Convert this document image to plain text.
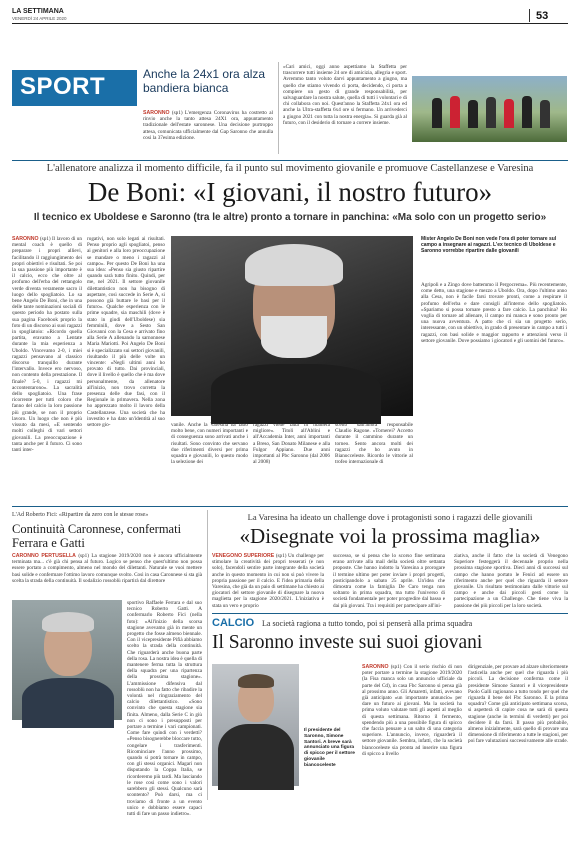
LA SETTIMANA
VENERDÌ 24 APRILE 2020	53
SPORT	Anche la 24x1 ora alza bandiera bianca
SARONNO (sp1) L'emergenza Coronavirus ha costretto al rinvio anche la tanto attesa 24X1 ora, appuntamento tradizionale dell'estate saronnese. Una decisione purtroppo attesa, comunicata ufficialmente dal Gap Saronno che annulla così la 37esima edizione.
«Cari amici, oggi anno aspettiamo la Staffetta per trascorrere tutti insieme 24 ore di amicizia, allegria e sport. Avremmo tanto voluto darvi appuntamento a giugno, ma quello che stiamo vivendo ci porta, decidendo, ci porta a compiere un gesto di grande responsabilità, per salvaguardare la nostra salute, quella di tutti i volontari e di chi collabora con noi. Quest'anno la Staffetta 24x1 ora ed anche la Ultra-staffetta 6x4 ore si fermano. Un arrivederci a giugno 2021 con tutta la nostra energia». Si guarda già al futuro, con il desiderio di tornare a correre insieme.
L'allenatore analizza il momento difficile, fa il punto sul movimento giovanile e promuove Castellanzese e Varesina
De Boni: «I giovani, il nostro futuro»
Il tecnico ex Uboldese e Saronno (tra le altre) pronto a tornare in panchina: «Ma solo con un progetto serio»
SARONNO (sp1) Il lavoro di un mental coach è quello di preparare i propri allievi, facilitando il raggiungimento dei propri obiettivi e risultati. Se poi la sua passione più importante è il calcio, ecco che oltre al profumo dell'erba del rettangolo verde diventa veramente sacro il luogo dello spogliatoio. Lo sa bene Angelo De Boni, che in una delle tante nominazioni sociali di questo periodo ha postato sulla sua pagina Facebook proprio la foto di un discorso ai suoi ragazzi in spogliatoio: «Ricordo quella partita, eravamo a Lentate durante la mia esperienza a Uboldo. Vincevamo 2-0, i miei ragazzi pensavano al classico discorso tranquillo durante l'intervallo. Invece ero nervoso, non contento della prestazione. Il finale? 5-0, i ragazzi mi accontentarono». La sacralità dello spogliatoio. Una frase ricorrente per tutti coloro che fanno del calcio la loro passione più grande, se non il proprio lavoro. Un luogo che non è più vissuto da mesi, «E sentendo molti colleghi di vari settori giovanili. La preoccupazione è tanta anche per il futuro. Ci sono tanti inter-
rogativi, non solo legati ai risultati. Penso proprio agli spogliatoi, penso ai genitori e alla loro preoccupazione se mandare o meno i ragazzi al campo». Per questo De Boni ha una sua idea: «Penso sia giusto ripartire quando sarà tutto finito. Quindi, per me, nel 2021. Il settore giovanile dilettantistico non ha bisogno di aspettare, così succede in Serie A, si possono già buttare le basi per il futuro». Qualche esperienza con le prime squadre, sia maschili (dove è stato in giudi dell'Uboldese) sia femminili, dove a Sesto San Giovanni con la Cesa e arrivato fino alla Serie A allenando la sarnonnese Maria Mariotti. Poi Angelo De Boni si è specializzato sui settori giovanili, risultando il più delle volte un vincente: «Negli ultimi anni ho provato di tutto. Dai provinciali, dove il livello è quello che è ma dove personalmente, da allenatore all'inizio, non trovo corretta la presenza delle due fasi, con il Regionale in primavera. Nella zona ho apprezzato molto il lavoro della Castellanzese. Una società che ha investito e ha dato un'identità al suo settore gio-
Mister Angelo De Boni non vede l'ora di poter tornare sul campo a insegnare ai ragazzi. L'ex tecnico di Uboldese e Saronno vorrebbe ripartire dalle giovanili
vanile. Anche la Varesina ha fatto molto bene, con numeri importanti e di conseguenza sono arrivati anche i risultati. Sono convinto che servano due riferimenti diversi per prima squadra e giovanili, lo questo modo la selezione dei
ragazzi viene fatta in maniera migliore». Titoli all'Ablini e all'Accademia Inter, anni importanti a Breso, San Donato Milanese e alla Fulgor Appiano. Due anni importanti al Pbc Saronno (dal 2006 al 2008)
scelto dall'allora responsabile Claudio Ragone. «Tornerei? Accetto durante il cammino durante un torneo. Sento ancora molti dei ragazzi che ho avuto in Bianocceleste. Ricordo le vittorie al trofeo internazionale di
Agripoli e a Zingo dove battemmo il Pergocrema». Più recentemente, come detto, una stagione e mezzo a Uboldo. Ora, dopo l'ultimo anno alla Cesa, non è facile farsi trovare pronti, come a respirare il profumo dell'erba e dare consigli all'interno dello spogliatoio. «Spariamo si possa tornare presto a fare calcio. La panchina? Ho voglia di tornare ad allenare, il campo mi manca e sono pronto per una nuova avventura. A patto che ci sia un progetto serio, interessante, con un obiettivo, in grado di presentare in campo a tutti i ragazzi, con basi solide e maggior rapporto e attenzioni verso il settore giovanile. Dove possiamo i giocatori e gli uomini del futuro».
L'Ad Roberto Fici: «Ripartire da zero con le stesse rose»
Continuità Caronnese, confermati Ferrara e Gatti
CARONNO PERTUSELLA (sp1) La stagione 2019/2020 non è ancora ufficialmente terminata ma... c'è già chi pensa al futuro. Logico se penso che quest'ultimo non possa essere portato a compimento, almeno nel mondo del dilettanti. Naturale se vuoi mettere basi solide e confermare l'ottimo lavoro comunque svolto. Così in casa Caronnese si sta già scelta la strada della continuità. Il sodalizio rossoblù ripartirà dal direttore
sportivo Raffaele Ferrara e dal suo tecnico Roberto Gatti. A confermarlo Roberto Fici (nella foto): «All'inizio della scorsa stagione avevamo già in mente un progetto che fosse almeno biennale. Con il vicepresidente Pifià abbiamo scelto la strada della continuità. Che riguarderà anche buona parte della rosa. La nostra idea è quella di mantenere ferma tutta la struttura della squadra per una ripartenza della prossima stagione». L'ammissione difensiva dal rossoblù non ha fatto che ribadire la volontà nel ringraziamento del calcio dilettantistico. «Sono convinto che questa stagione sia finita. Almeno, dalla Serie C in giù non ci sono i presupposti per portare a termine i vari campionati. Come fare quindi con i verdetti? «Penso bisognerebbe bloccare tutto, congelare i trasferimenti. Ricominciare l'anno prossimo, quando si potrà tornare in campo, con gli stessi organici. Magari non disputando la Coppa Italia, se ricorderemo più tardi. Ma lasciando le rose così come sono i valori sarebbero gli stessi. Qualcuno sarà scontento? Può darsi, ma ci troviamo di fronte a un evento unico e dobbiamo essere capaci tutti di fare un passo indietro».
La Varesina ha ideato un challenge dove i protagonisti sono i ragazzi delle giovanili
«Disegnate voi la prossima maglia»
VENEGONO SUPERIORE (sp1) Un challenge per stimolare la creatività dei propri tesserati (e non solo), facendoli sentire parte integrante della società anche in questo momento in cui non si può vivere la propria passione per il calcio. E l'idea primaria della Varesina, che già da un paio di settimane ha chiesto ai giocatori del settore giovanile di disegnare la nuova maglietta per la stagione 2020/2021. L'iniziativa è stata un vero e proprio
successo, se si pensa che lo scorso fine settimana erano arrivate alla mail della società oltre settanta proposte. Che hanno indotto la Varesina a prorogare il termine ultimo per poter inviare i propri progetti, posticipandolo a sabato 25 aprile. Un'idea che dimostra come la famiglia De Caro tenga non soltanto in prima squadra, ma tutto l'universo di società fondamentale per poter progredire dal basso e dai più giovani. Tra i requisiti per partecipare all'ini-
ziativa, anche il fatto che la società di Venegono Superiore festeggerà il decennale proprio nella prossima stagione sportiva. Dieci anni di successi sul campo che hanno portato le Fenici ad essere un riferimento anche per quel che riguarda il settore giovanile. Un risultato testimoniato dalle vittorie sul campo e anche dai piccoli gesti come la partecipazione a un Challenge. Che tiene viva la passione dei più piccoli per la loro società.
CALCIO La società ragiona a tutto tondo, poi si penserà alla prima squadra
Il Saronno investe sui suoi giovani
Il presidente del Saronno, Simone Santori. A breve sarà annunciato una figura di spicco per il settore giovanile biancoceleste
SARONNO (sp1) Con il serio rischio di non poter portare a termine la stagione 2019/2020 (la Fisa manca solo un annuncio ufficiale da parte del Cd), in casa Fbc Saronno si pensa già al prossimo anno. Gli Amaretti, infatti, avevano già anticipato «un importante annuncio» per dare un futuro ai giovani. Ma la società ha prima voluto valutare tutti gli aspetti al meglio di questa settimana. Ritorno il fermento, spendendo più a una possibile figura di spicco che faccia pensare a un salto di una categoria superiore. L'annuncio, invece, riguarderà il settore giovanile. Sembra, infatti, che la società biancoceleste sia pronta ad inserire una figura di spicco a livello
dirigenziale, per provare ad alzare ulteriormente l'asticella anche per quel che riguarda i più piccoli. La decisione conferma come il presidente Simone Santori e il vicepresidente Paolo Galli ragionano a tutto tondo per quel che riguarda il bene del Fbc Saronno. E la prima squadra? Come già anticipato settimana scorsa, si aspetterà di capire cosa ne sarà di questa stagione (anche in termini di verdetti) per poi decidere il da farsi. Il passo più probabile, almeno inizialmente, sarà quello di provare una dimensione di riferimento a tutte le stagioni, per poi fare valutazioni successivamente alle strade.
